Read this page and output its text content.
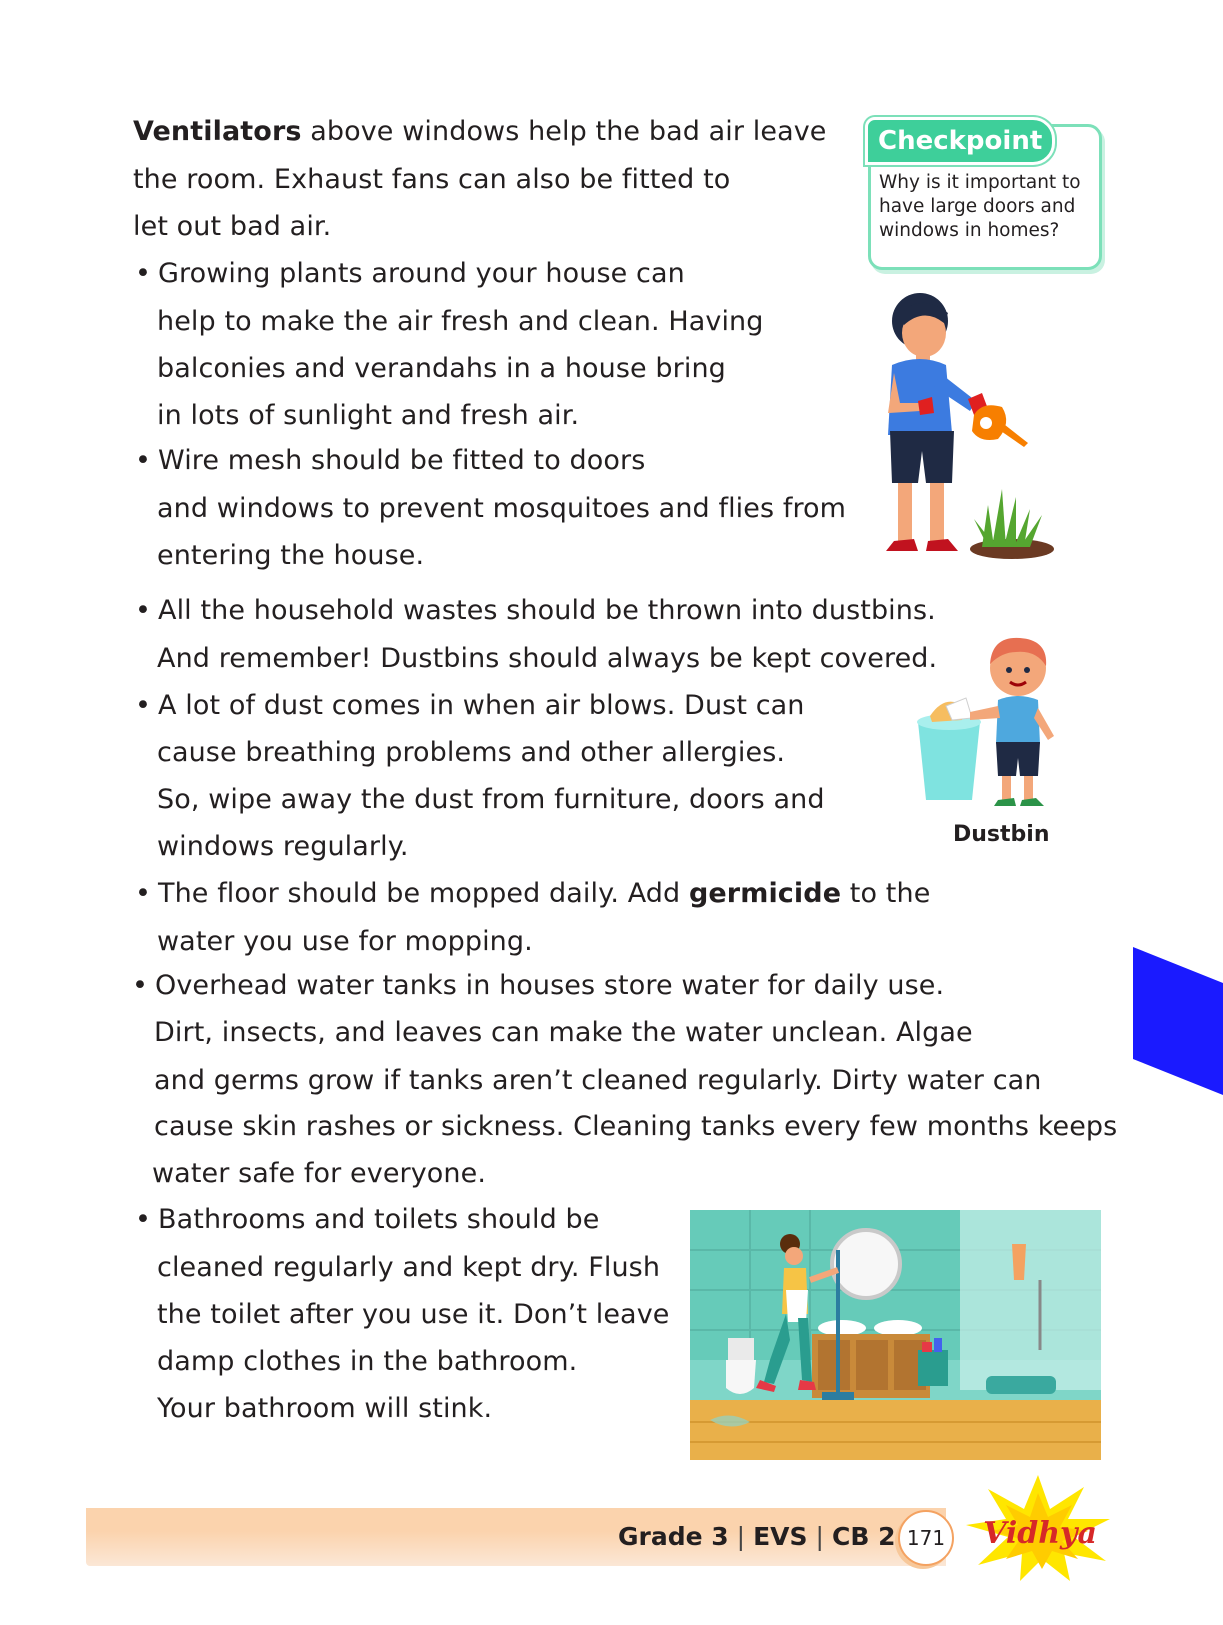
Ventilators above windows help the bad air leave
the room. Exhaust fans can also be fitted to
let out bad air.
Checkpoint
Why is it important to have large doors and windows in homes?
• Growing plants around your house can
help to make the air fresh and clean. Having
balconies and verandahs in a house bring
in lots of sunlight and fresh air.
• Wire mesh should be fitted to doors
and windows to prevent mosquitoes and flies from
entering the house.
• All the household wastes should be thrown into dustbins.
And remember! Dustbins should always be kept covered.
• A lot of dust comes in when air blows. Dust can
cause breathing problems and other allergies.
So, wipe away the dust from furniture, doors and
windows regularly.
• The floor should be mopped daily. Add germicide to the
water you use for mopping.
• Overhead water tanks in houses store water for daily use.
Dirt, insects, and leaves can make the water unclean. Algae
and germs grow if tanks aren’t cleaned regularly. Dirty water can
cause skin rashes or sickness. Cleaning tanks every few months keeps
water safe for everyone.
• Bathrooms and toilets should be
cleaned regularly and kept dry. Flush
the toilet after you use it. Don’t leave
damp clothes in the bathroom.
Your bathroom will stink.
Dustbin
Grade 3 | EVS | CB 2 171 Vidhya
